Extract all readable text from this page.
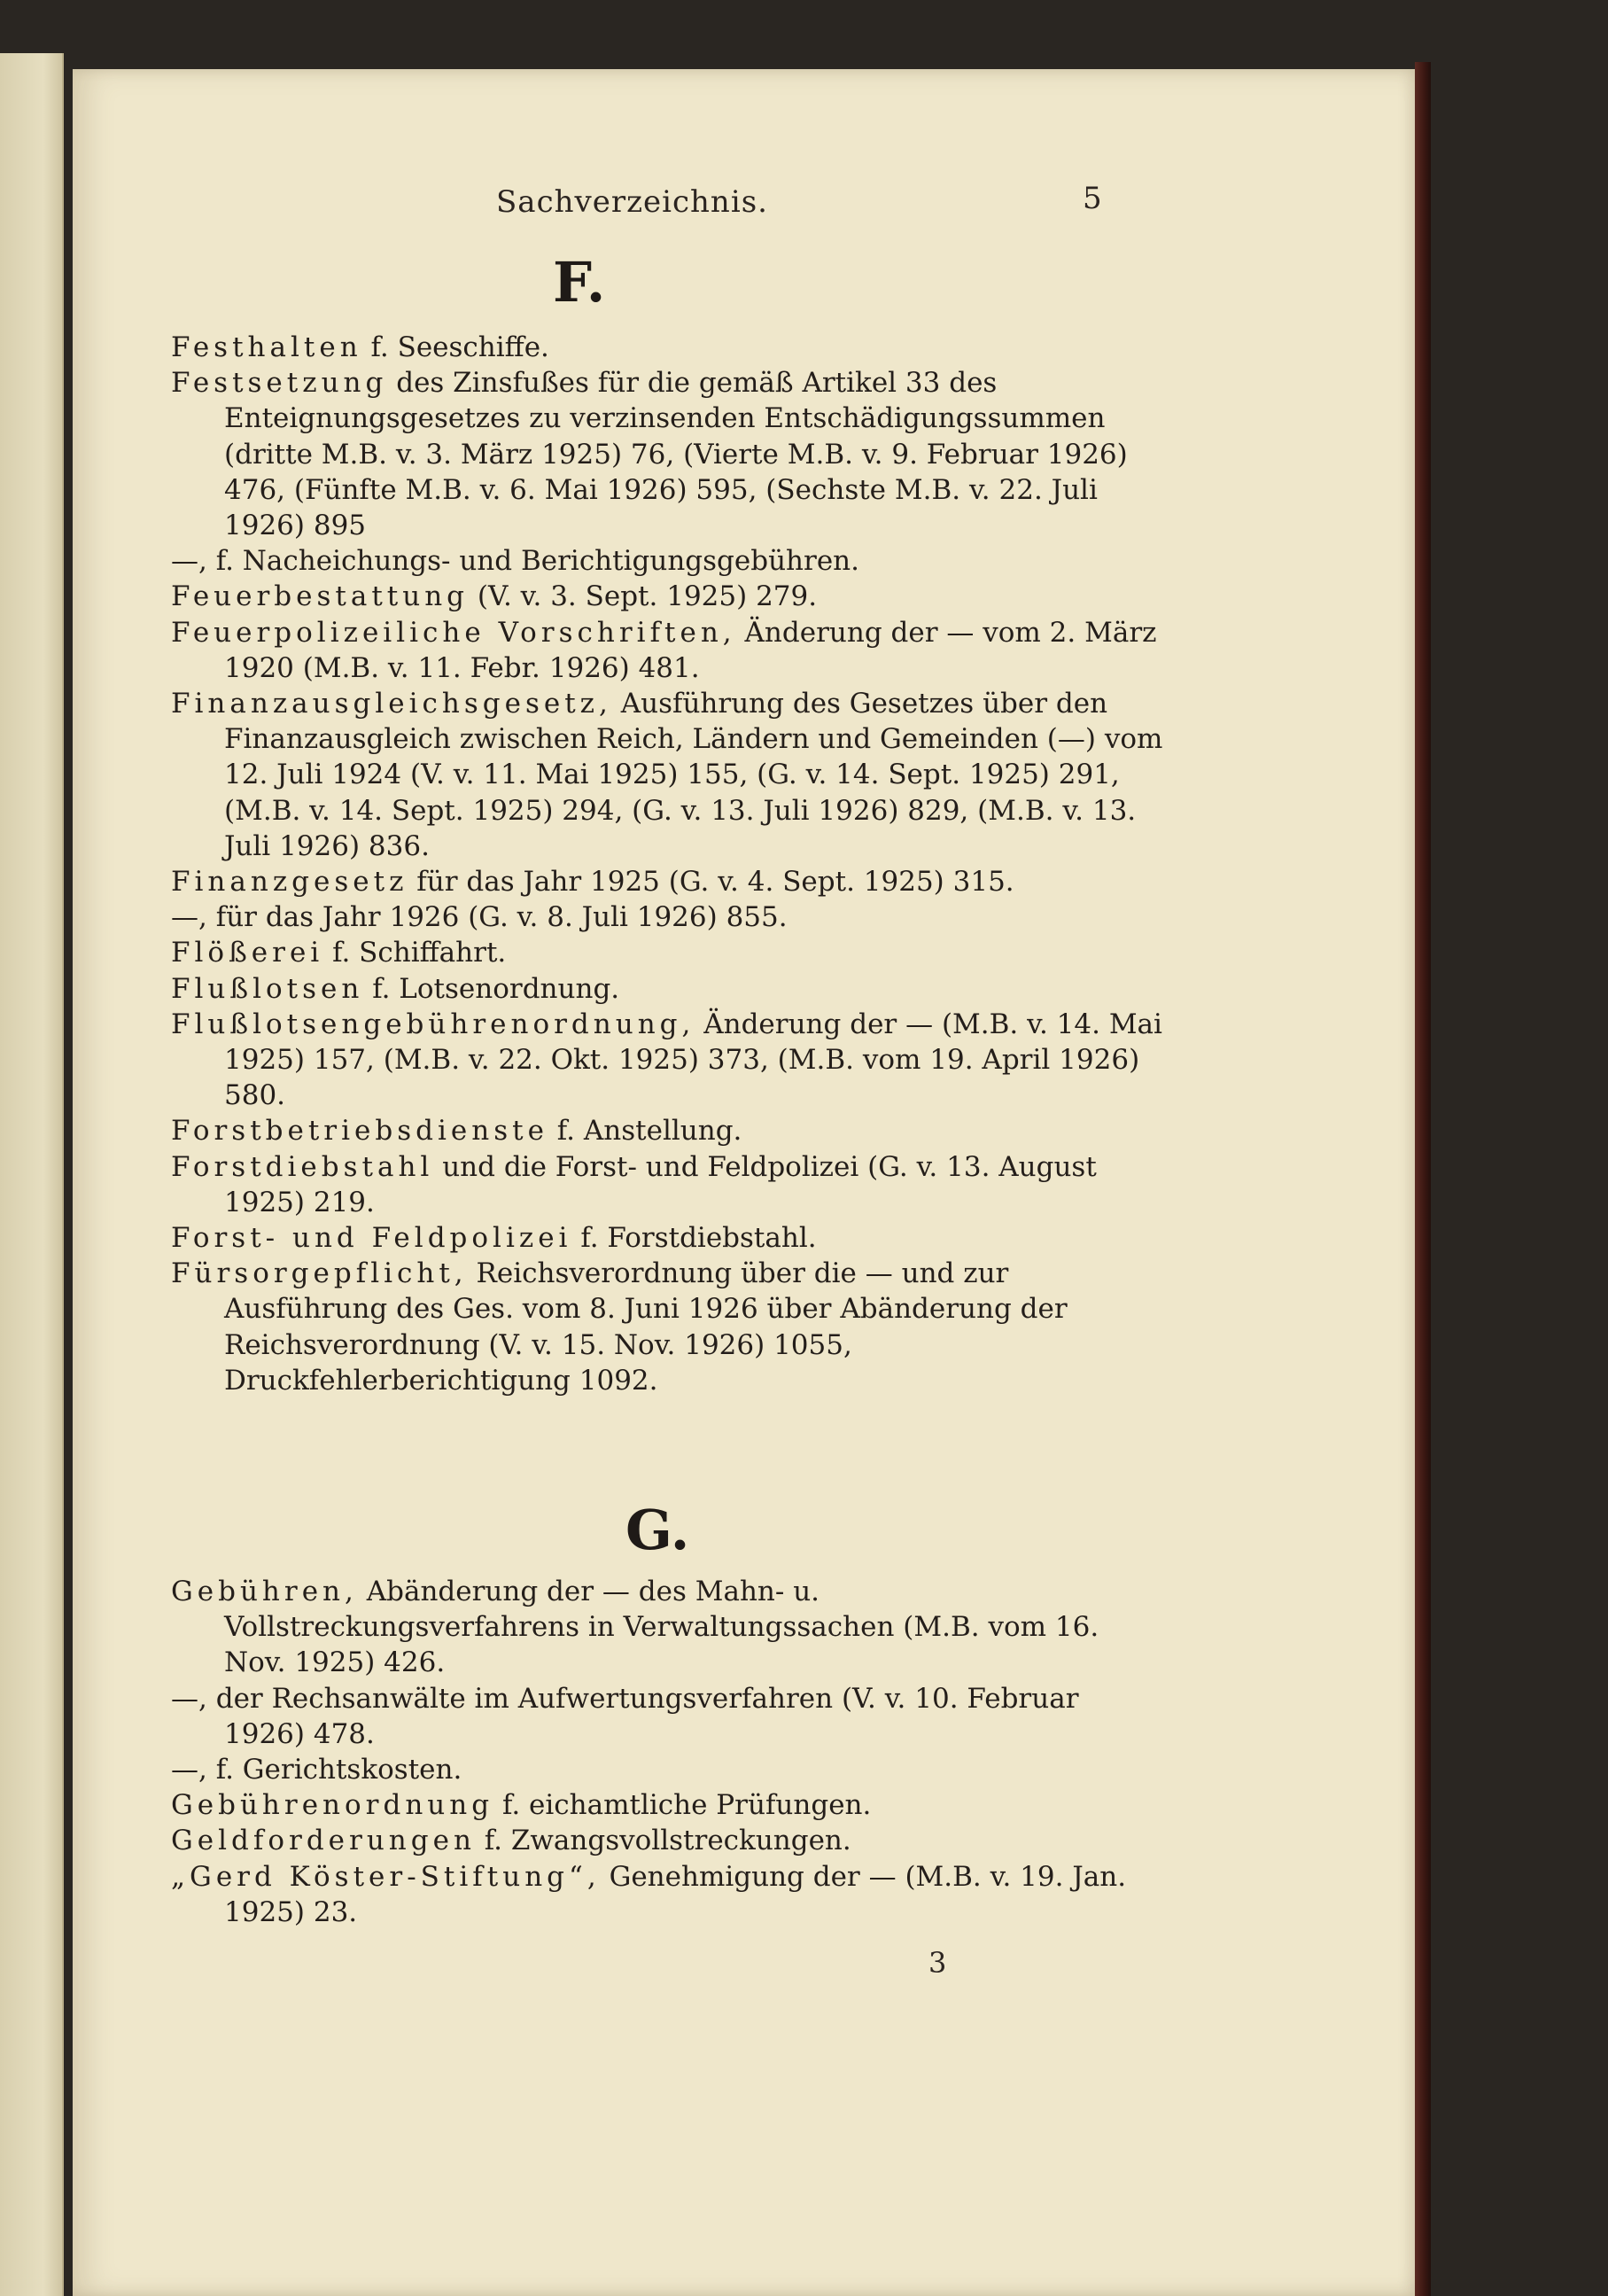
Sachverzeichnis.	5
F.

Festhalten f. Seeschiffe.

Festsetzung des Zinsfußes für die gemäß Artikel 33 des Enteignungsgesetzes zu verzinsenden Entschädigungssummen (dritte M.B. v. 3. März 1925) 76, (Vierte M.B. v. 9. Februar 1926) 476, (Fünfte M.B. v. 6. Mai 1926) 595, (Sechste M.B. v. 22. Juli 1926) 895

—, f. Nacheichungs- und Berichtigungsgebühren.

Feuerbestattung (V. v. 3. Sept. 1925) 279.

Feuerpolizeiliche Vorschriften, Änderung der — vom 2. März 1920 (M.B. v. 11. Febr. 1926) 481.

Finanzausgleichsgesetz, Ausführung des Gesetzes über den Finanzausgleich zwischen Reich, Ländern und Gemeinden (—) vom 12. Juli 1924 (V. v. 11. Mai 1925) 155, (G. v. 14. Sept. 1925) 291, (M.B. v. 14. Sept. 1925) 294, (G. v. 13. Juli 1926) 829, (M.B. v. 13. Juli 1926) 836.

Finanzgesetz für das Jahr 1925 (G. v. 4. Sept. 1925) 315.

—, für das Jahr 1926 (G. v. 8. Juli 1926) 855.

Flößerei f. Schiffahrt.

Flußlotsen f. Lotsenordnung.

Flußlotsengebührenordnung, Änderung der — (M.B. v. 14. Mai 1925) 157, (M.B. v. 22. Okt. 1925) 373, (M.B. vom 19. April 1926) 580.

Forstbetriebsdienste f. Anstellung.

Forstdiebstahl und die Forst- und Feldpolizei (G. v. 13. August 1925) 219.

Forst- und Feldpolizei f. Forstdiebstahl.

Fürsorgepflicht, Reichsverordnung über die — und zur Ausführung des Ges. vom 8. Juni 1926 über Abänderung der Reichsverordnung (V. v. 15. Nov. 1926) 1055, Druckfehlerberichtigung 1092.

G.

Gebühren, Abänderung der — des Mahn- u. Vollstreckungsverfahrens in Verwaltungssachen (M.B. vom 16. Nov. 1925) 426.

—, der Rechsanwälte im Aufwertungsverfahren (V. v. 10. Februar 1926) 478.

—, f. Gerichtskosten.

Gebührenordnung f. eichamtliche Prüfungen.

Geldforderungen f. Zwangsvollstreckungen.

„Gerd Köster-Stiftung“, Genehmigung der — (M.B. v. 19. Jan. 1925) 23.

3
